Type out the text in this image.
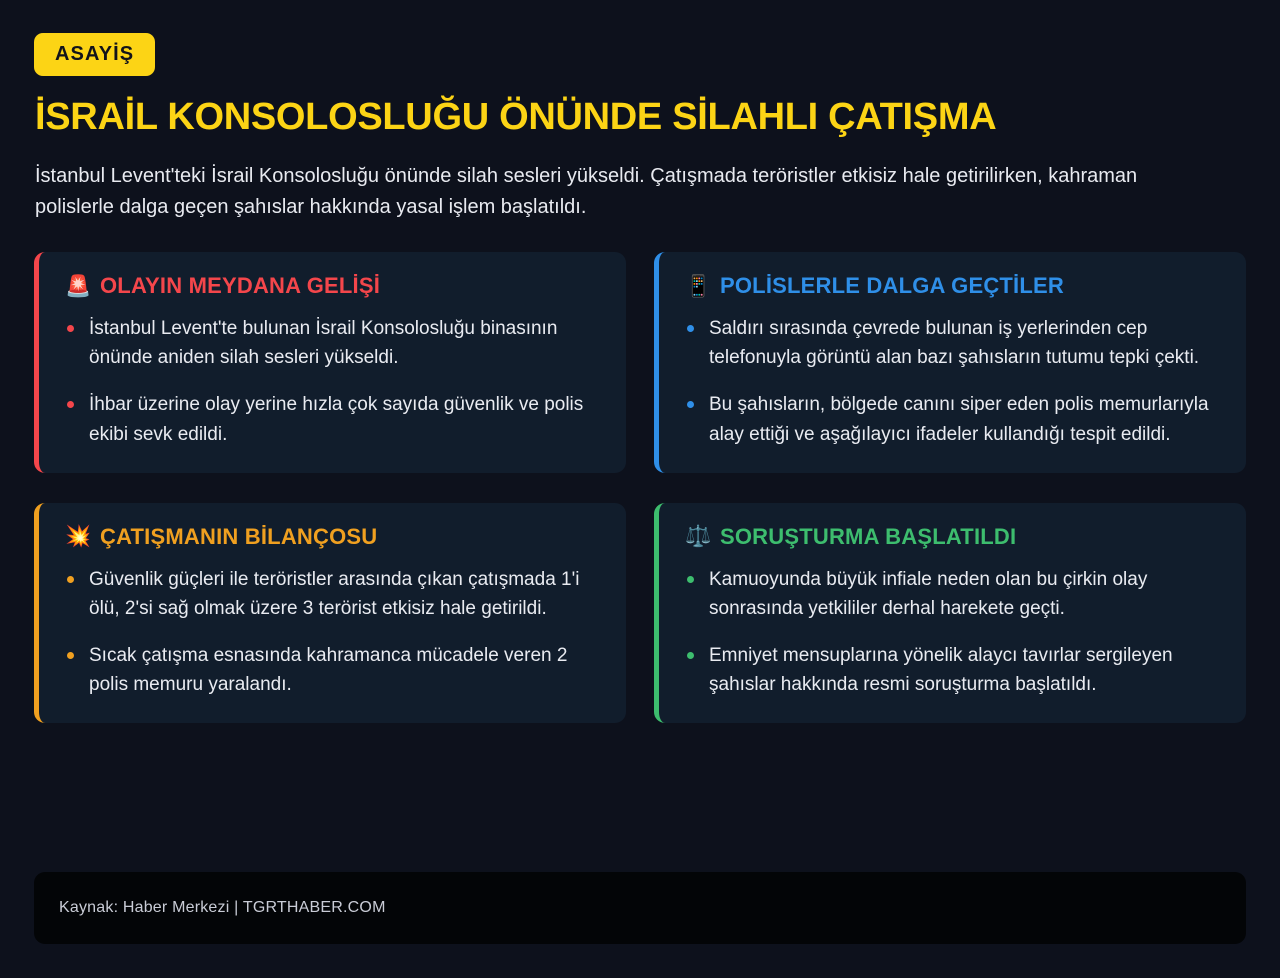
ASAYİŞ
İSRAİL KONSOLOSLUĞU ÖNÜNDE SİLAHLI ÇATIŞMA

İstanbul Levent'teki İsrail Konsolosluğu önünde silah sesleri yükseldi. Çatışmada teröristler etkisiz hale getirilirken, kahraman polislerle dalga geçen şahıslar hakkında yasal işlem başlatıldı.

🚨 OLAYIN MEYDANA GELİŞİ
İstanbul Levent'te bulunan İsrail Konsolosluğu binasının önünde aniden silah sesleri yükseldi.
İhbar üzerine olay yerine hızla çok sayıda güvenlik ve polis ekibi sevk edildi.
💥 ÇATIŞMANIN BİLANÇOSU
Güvenlik güçleri ile teröristler arasında çıkan çatışmada 1'i ölü, 2'si sağ olmak üzere 3 terörist etkisiz hale getirildi.
Sıcak çatışma esnasında kahramanca mücadele veren 2 polis memuru yaralandı.
📱 POLİSLERLE DALGA GEÇTİLER
Saldırı sırasında çevrede bulunan iş yerlerinden cep telefonuyla görüntü alan bazı şahısların tutumu tepki çekti.
Bu şahısların, bölgede canını siper eden polis memurlarıyla alay ettiği ve aşağılayıcı ifadeler kullandığı tespit edildi.
⚖️ SORUŞTURMA BAŞLATILDI
Kamuoyunda büyük infiale neden olan bu çirkin olay sonrasında yetkililer derhal harekete geçti.
Emniyet mensuplarına yönelik alaycı tavırlar sergileyen şahıslar hakkında resmi soruşturma başlatıldı.
Kaynak: Haber Merkezi | TGRTHABER.COM
